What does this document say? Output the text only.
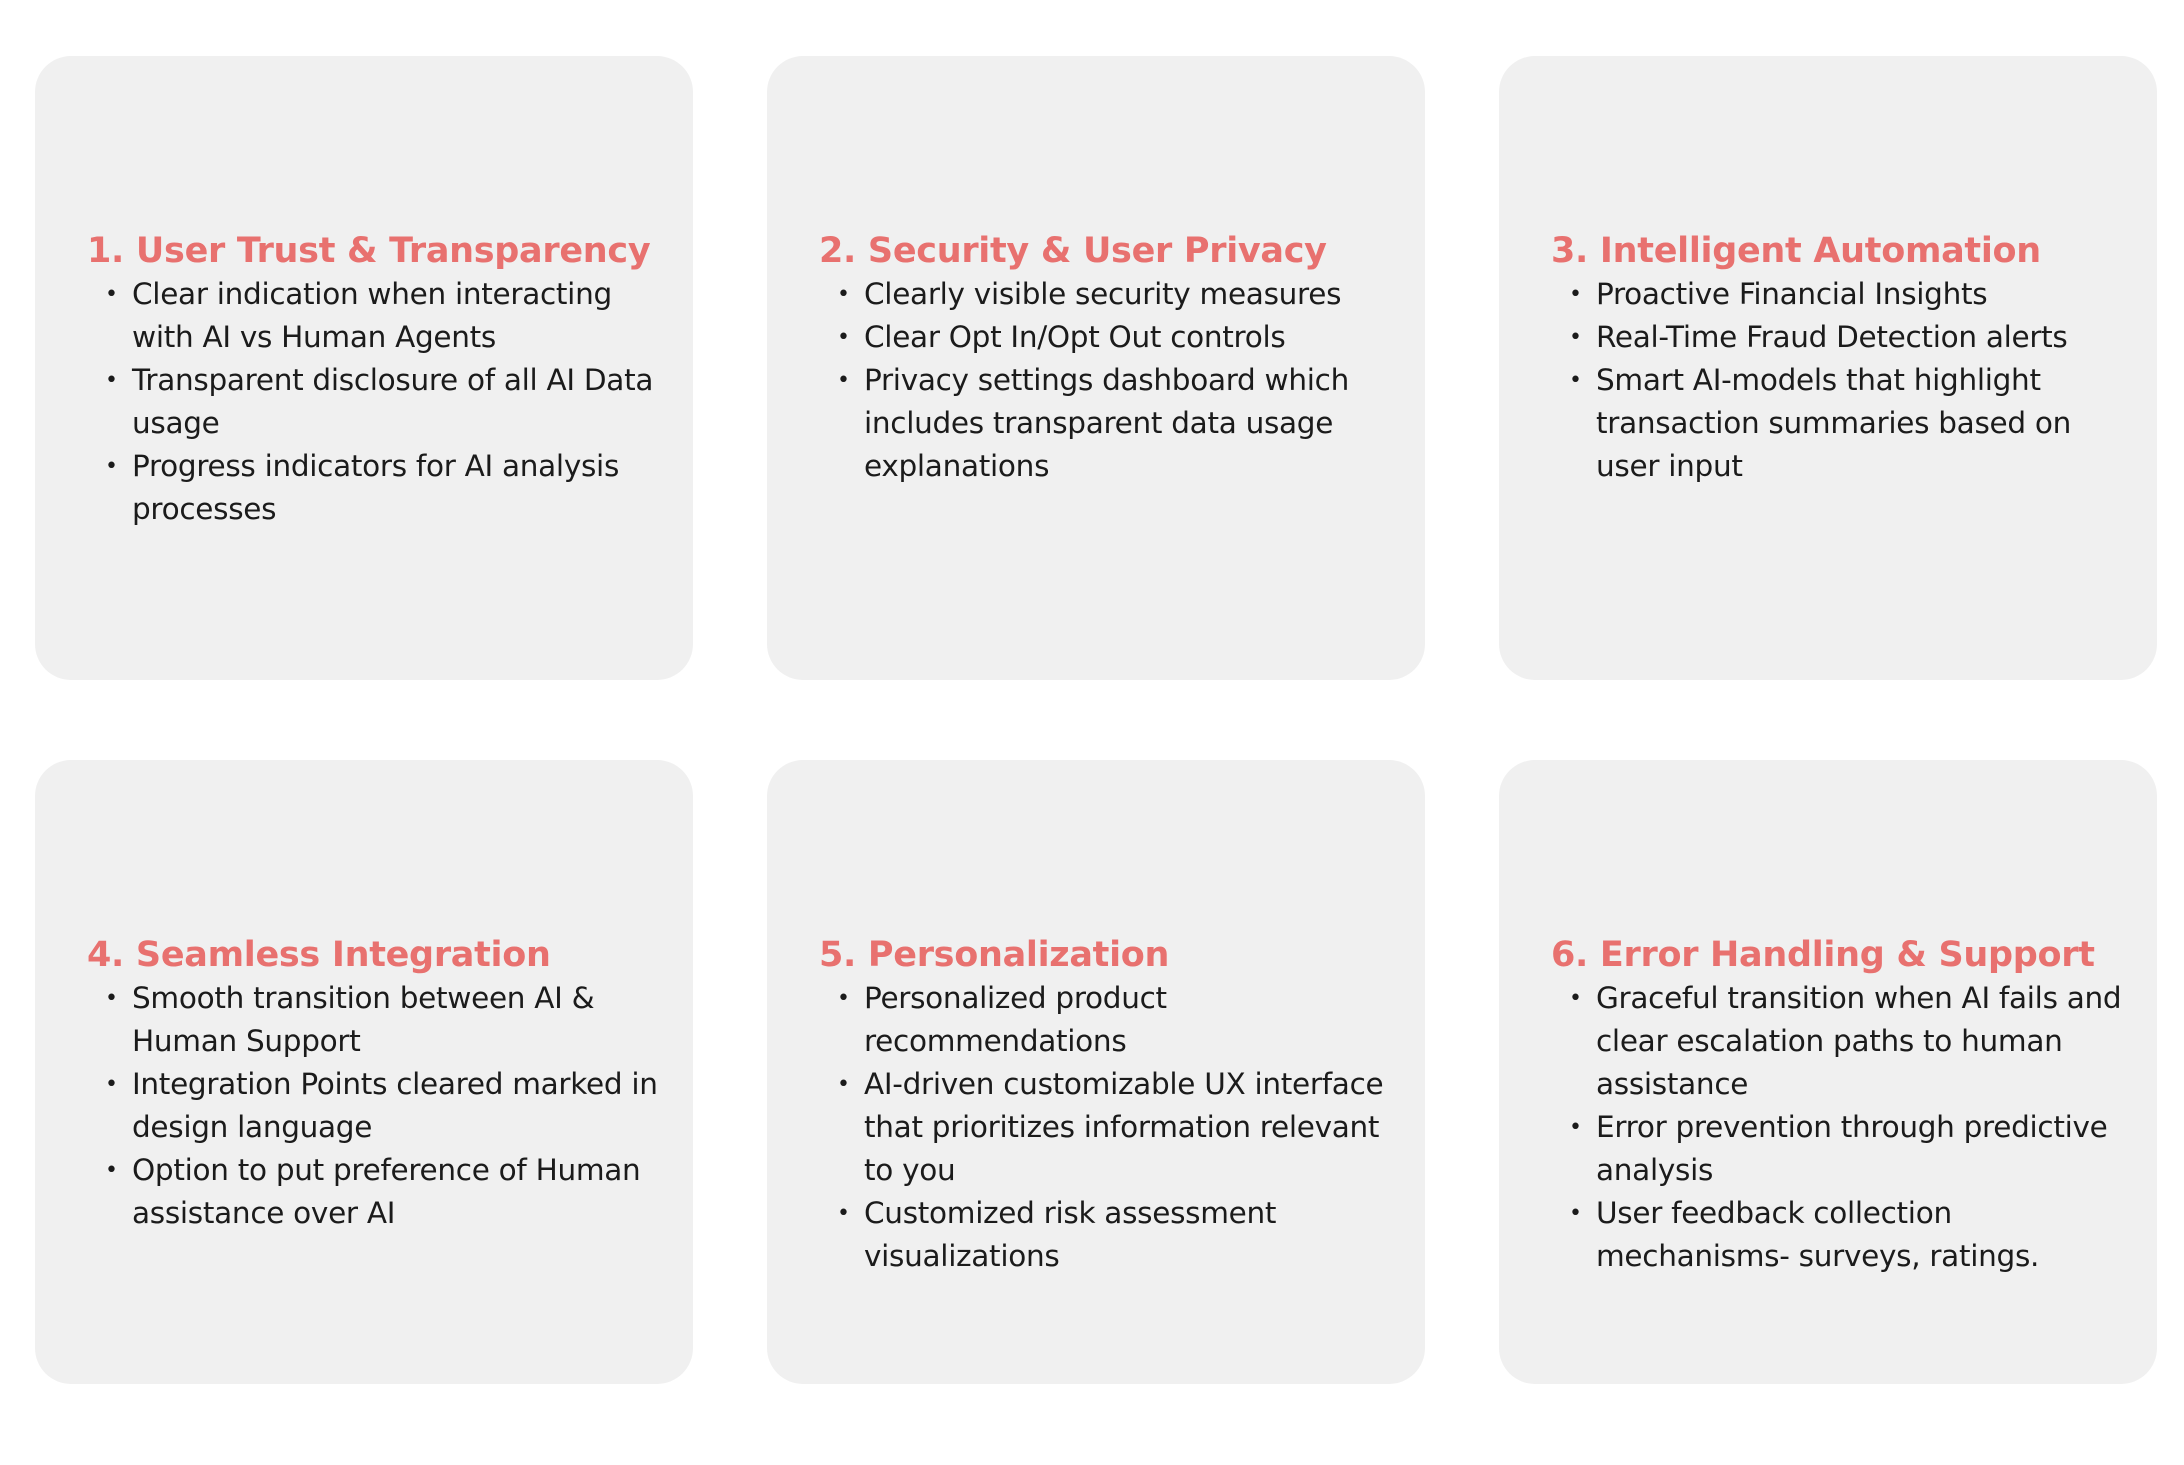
1. User Trust & Transparency
• Clear indication when interacting with AI vs Human Agents
• Transparent disclosure of all AI Data usage
• Progress indicators for AI analysis processes
2. Security & User Privacy
• Clearly visible security measures
• Clear Opt In/Opt Out controls
• Privacy settings dashboard which includes transparent data usage explanations
3. Intelligent Automation
• Proactive Financial Insights
• Real-Time Fraud Detection alerts
• Smart AI-models that highlight transaction summaries based on user input
4. Seamless Integration
• Smooth transition between AI & Human Support
• Integration Points cleared marked in design language
• Option to put preference of Human assistance over AI
5. Personalization
• Personalized product recommendations
• AI-driven customizable UX interface that prioritizes information relevant to you
• Customized risk assessment visualizations
6. Error Handling & Support
• Graceful transition when AI fails and clear escalation paths to human assistance
• Error prevention through predictive analysis
• User feedback collection mechanisms- surveys, ratings.
